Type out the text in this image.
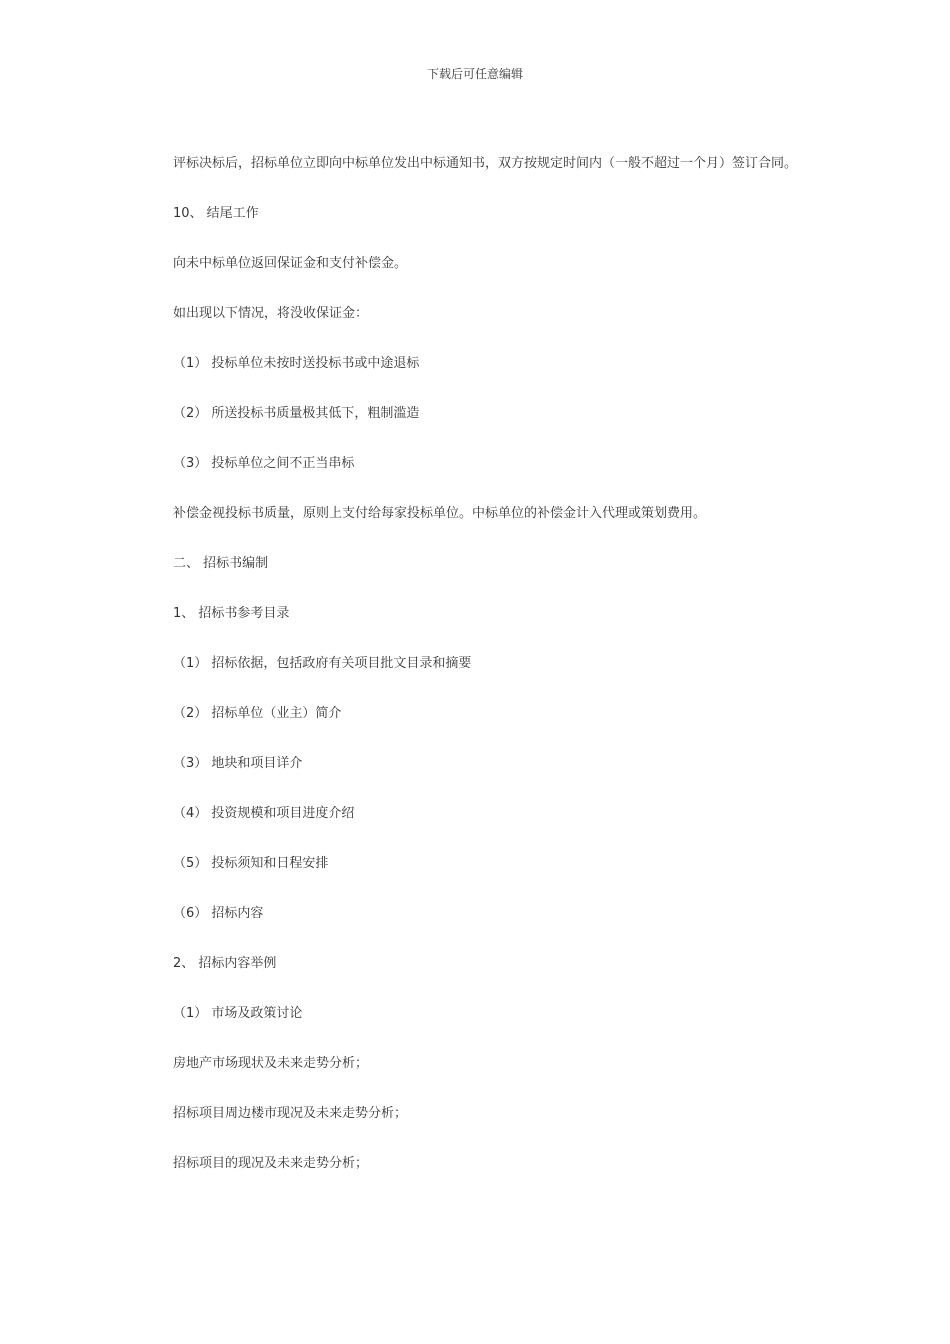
下载后可任意编辑

评标决标后，招标单位立即向中标单位发出中标通知书，双方按规定时间内（一般不超过一个月）签订合同。

10、 结尾工作

向未中标单位返回保证金和支付补偿金。

如出现以下情况，将没收保证金：

（1） 投标单位未按时送投标书或中途退标

（2） 所送投标书质量极其低下，粗制滥造

（3） 投标单位之间不正当串标

补偿金视投标书质量，原则上支付给每家投标单位。中标单位的补偿金计入代理或策划费用。

二、 招标书编制

1、 招标书参考目录

（1） 招标依据，包括政府有关项目批文目录和摘要

（2） 招标单位（业主）简介

（3） 地块和项目详介

（4） 投资规模和项目进度介绍

（5） 投标须知和日程安排

（6） 招标内容

2、 招标内容举例

（1） 市场及政策讨论

房地产市场现状及未来走势分析；

招标项目周边楼市现况及未来走势分析；

招标项目的现况及未来走势分析；
